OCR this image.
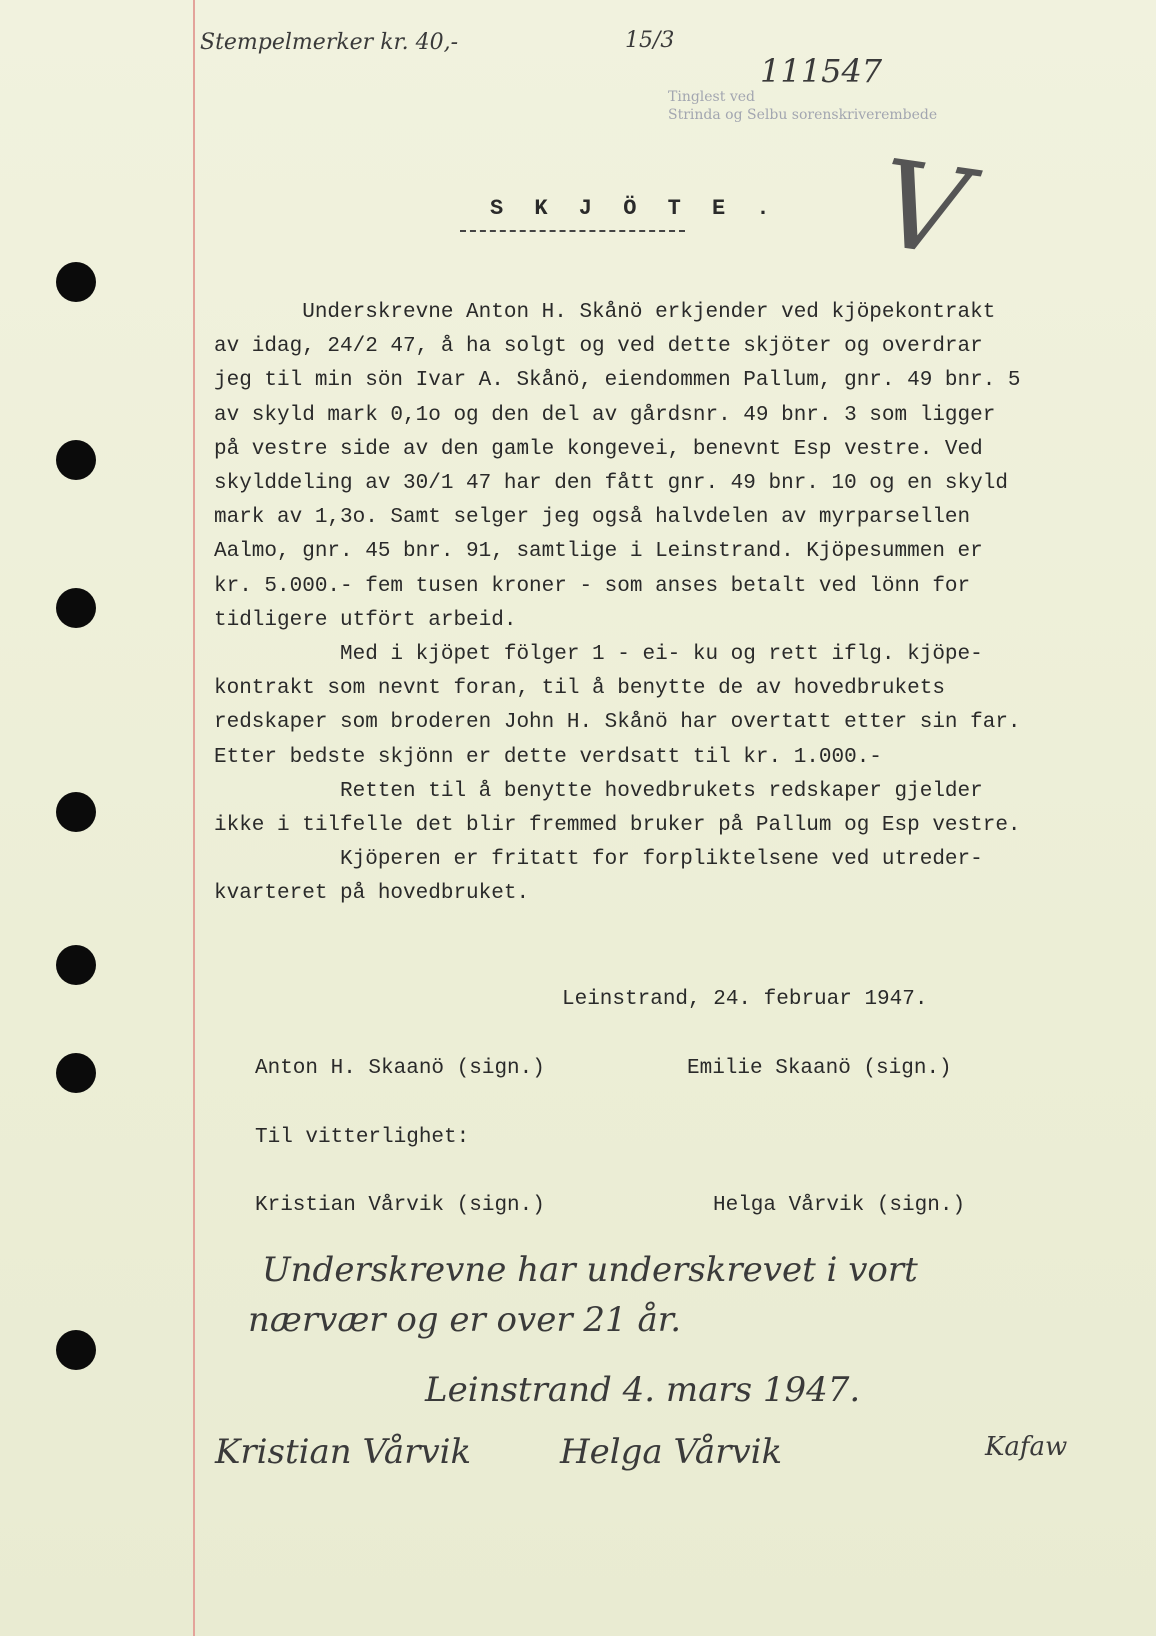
Stempelmerker kr. 40,-	15/3
111547
Tinglest ved
Strinda og Selbu sorenskriverembede
V
S K J Ö T E .
Underskrevne Anton H. Skånö erkjender ved kjöpekontrakt
av idag, 24/2 47, å ha solgt og ved dette skjöter og overdrar
jeg til min sön Ivar A. Skånö, eiendommen Pallum, gnr. 49 bnr. 5
av skyld mark 0,1o og den del av gårdsnr. 49 bnr. 3 som ligger
på vestre side av den gamle kongevei, benevnt Esp vestre. Ved
skylddeling av 30/1 47 har den fått gnr. 49 bnr. 10 og en skyld
mark av 1,3o. Samt selger jeg også halvdelen av myrparsellen
Aalmo, gnr. 45 bnr. 91, samtlige i Leinstrand. Kjöpesummen er
kr. 5.000.- fem tusen kroner - som anses betalt ved lönn for
tidligere utfört arbeid.
Med i kjöpet fölger 1 - ei- ku og rett iflg. kjöpe-
kontrakt som nevnt foran, til å benytte de av hovedbrukets
redskaper som broderen John H. Skånö har overtatt etter sin far.
Etter bedste skjönn er dette verdsatt til kr. 1.000.-
Retten til å benytte hovedbrukets redskaper gjelder
ikke i tilfelle det blir fremmed bruker på Pallum og Esp vestre.
Kjöperen er fritatt for forpliktelsene ved utreder-
kvarteret på hovedbruket.
Leinstrand, 24. februar 1947.
Anton H. Skaanö (sign.)	Emilie Skaanö (sign.)
Til vitterlighet:
Kristian Vårvik (sign.)	Helga Vårvik (sign.)
Underskrevne har underskrevet i vort
nærvær og er over 21 år.
Leinstrand 4. mars 1947.
Kristian Vårvik	Helga Vårvik	Kafaw
